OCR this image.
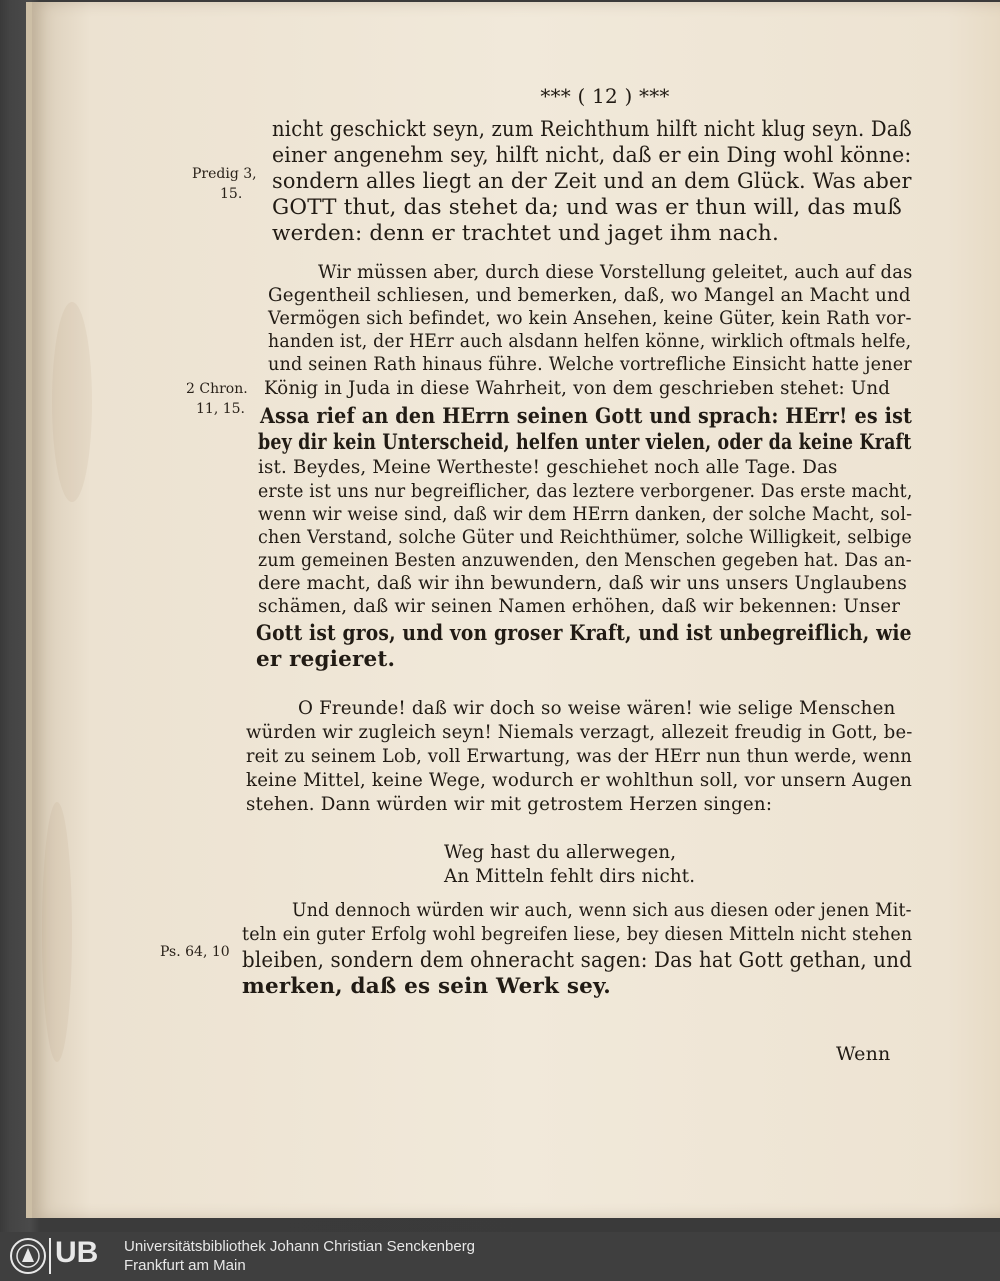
*** ( 12 ) ***
nicht geschickt seyn, zum Reichthum hilft nicht klug seyn. Daß
einer angenehm sey, hilft nicht, daß er ein Ding wohl könne:
sondern alles liegt an der Zeit und an dem Glück. Was aber
GOTT thut, das stehet da; und was er thun will, das muß
werden: denn er trachtet und jaget ihm nach.
Predig 3,
15.
2 Chron.
11, 15.
Ps. 64, 10
Wir müssen aber, durch diese Vorstellung geleitet, auch auf das
Gegentheil schliesen, und bemerken, daß, wo Mangel an Macht und
Vermögen sich befindet, wo kein Ansehen, keine Güter, kein Rath vor-
handen ist, der HErr auch alsdann helfen könne, wirklich oftmals helfe,
und seinen Rath hinaus führe. Welche vortrefliche Einsicht hatte jener
König in Juda in diese Wahrheit, von dem geschrieben stehet: Und
Assa rief an den HErrn seinen Gott und sprach: HErr! es ist
bey dir kein Unterscheid, helfen unter vielen, oder da keine Kraft
ist. Beydes, Meine Wertheste! geschiehet noch alle Tage. Das
erste ist uns nur begreiflicher, das leztere verborgener. Das erste macht,
wenn wir weise sind, daß wir dem HErrn danken, der solche Macht, sol-
chen Verstand, solche Güter und Reichthümer, solche Willigkeit, selbige
zum gemeinen Besten anzuwenden, den Menschen gegeben hat. Das an-
dere macht, daß wir ihn bewundern, daß wir uns unsers Unglaubens
schämen, daß wir seinen Namen erhöhen, daß wir bekennen: Unser
Gott ist gros, und von groser Kraft, und ist unbegreiflich, wie
er regieret.
O Freunde! daß wir doch so weise wären! wie selige Menschen
würden wir zugleich seyn! Niemals verzagt, allezeit freudig in Gott, be-
reit zu seinem Lob, voll Erwartung, was der HErr nun thun werde, wenn
keine Mittel, keine Wege, wodurch er wohlthun soll, vor unsern Augen
stehen. Dann würden wir mit getrostem Herzen singen:
Weg hast du allerwegen,
An Mitteln fehlt dirs nicht.
Und dennoch würden wir auch, wenn sich aus diesen oder jenen Mit-
teln ein guter Erfolg wohl begreifen liese, bey diesen Mitteln nicht stehen
bleiben, sondern dem ohneracht sagen: Das hat Gott gethan, und
merken, daß es sein Werk sey.
Wenn
UB Universitätsbibliothek Johann Christian Senckenberg
Frankfurt am Main
